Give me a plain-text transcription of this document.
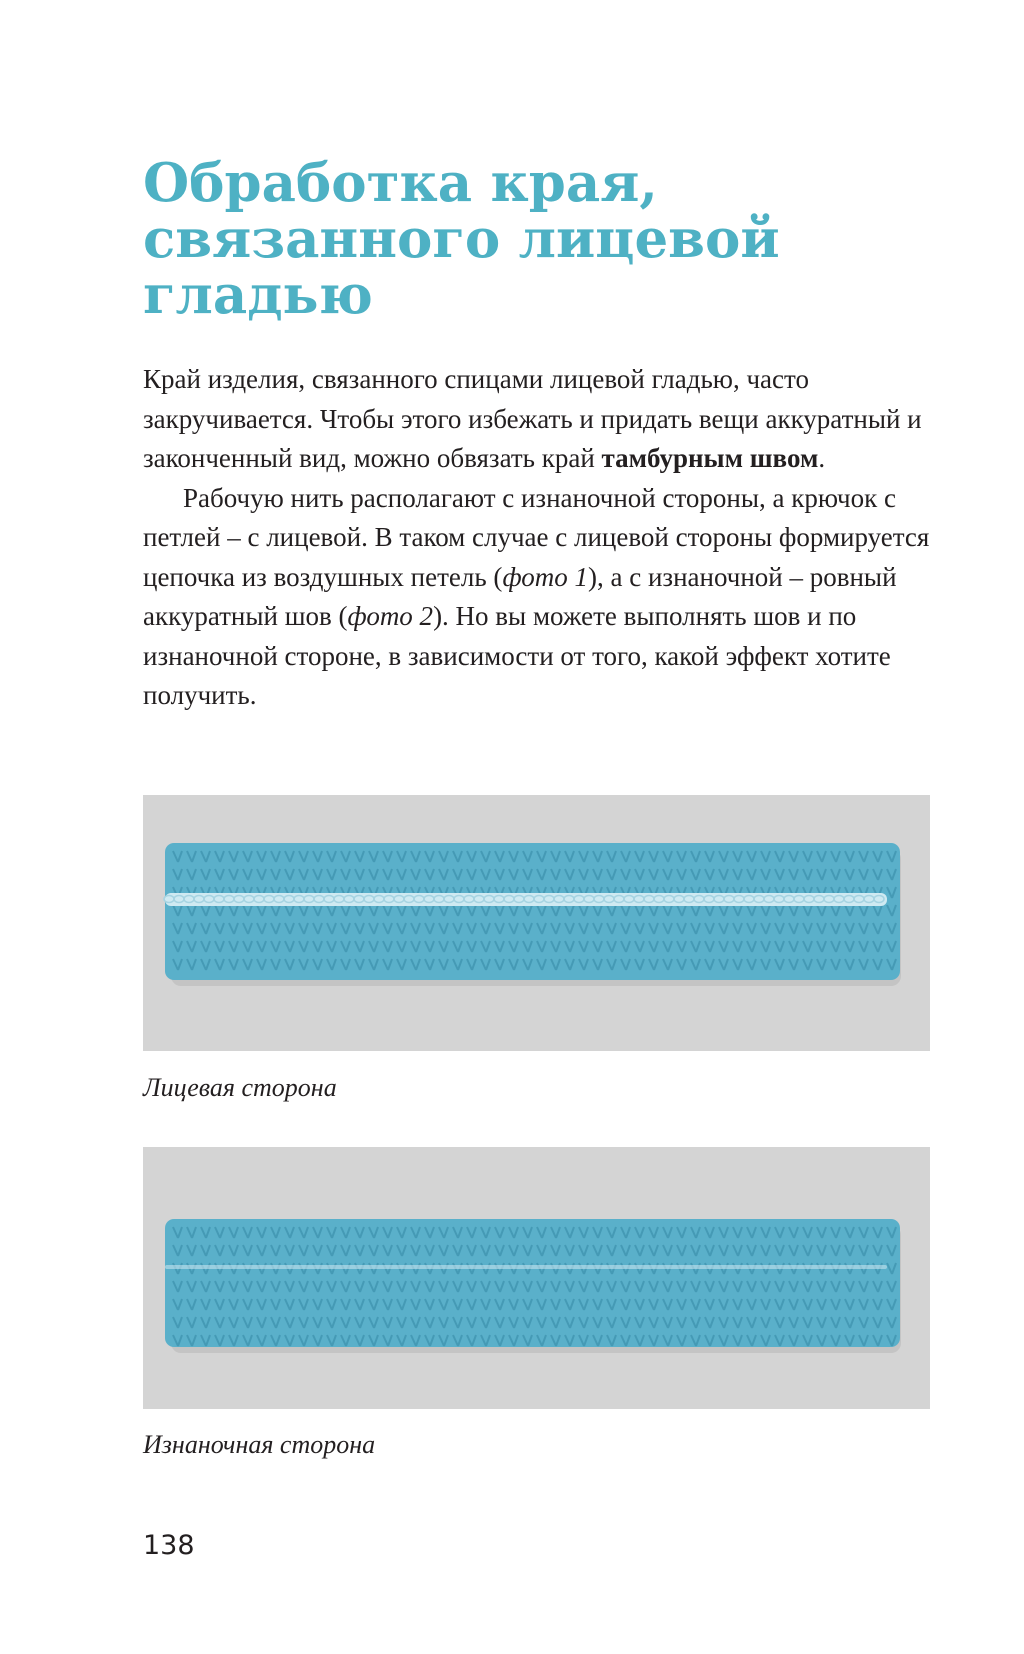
Обработка края,
связанного лицевой
гладью

Край изделия, связанного спицами лицевой гладью, часто закручивается. Чтобы этого избежать и придать вещи аккуратный и законченный вид, можно обвязать край тамбурным швом.

Рабочую нить располагают с изнаночной стороны, а крючок с петлей – с лицевой. В таком случае с лицевой стороны формируется цепочка из воздушных петель (фото 1), а с изнаночной – ровный аккуратный шов (фото 2). Но вы можете выполнять шов и по изнаночной стороне, в зависимости от того, какой эффект хотите получить.

Лицевая сторона
Изнаночная сторона
138
